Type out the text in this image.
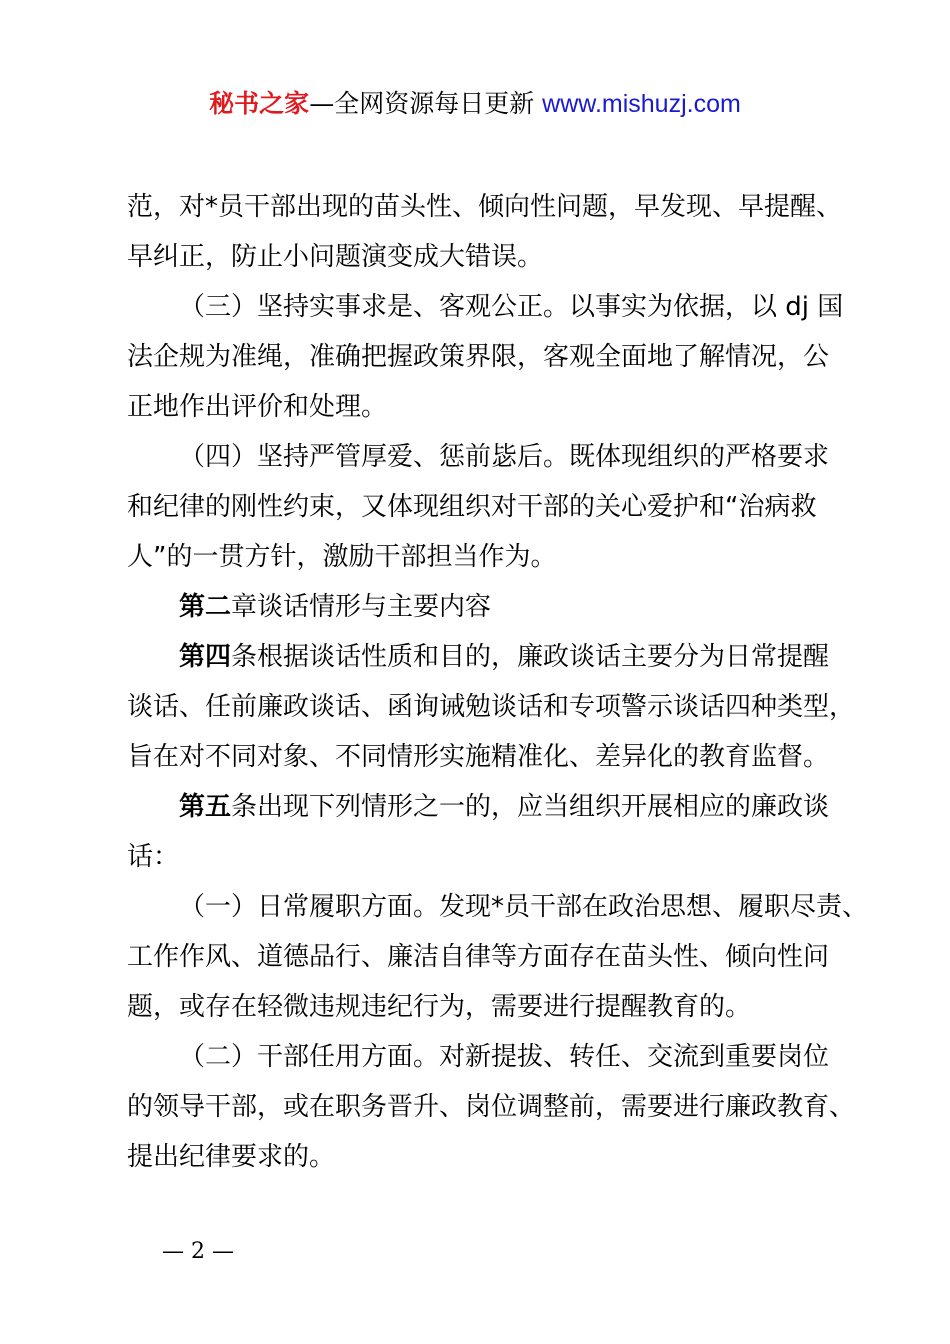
秘书之家—全网资源每日更新 www.mishuzj.com
范，对*员干部出现的苗头性、倾向性问题，早发现、早提醒、
早纠正，防止小问题演变成大错误。
（三）坚持实事求是、客观公正。以事实为依据，以 dj 国
法企规为准绳，准确把握政策界限，客观全面地了解情况，公
正地作出评价和处理。
（四）坚持严管厚爱、惩前毖后。既体现组织的严格要求
和纪律的刚性约束，又体现组织对干部的关心爱护和“治病救
人”的一贯方针，激励干部担当作为。
第二章谈话情形与主要内容
第四条根据谈话性质和目的，廉政谈话主要分为日常提醒
谈话、任前廉政谈话、函询诫勉谈话和专项警示谈话四种类型，
旨在对不同对象、不同情形实施精准化、差异化的教育监督。
第五条出现下列情形之一的，应当组织开展相应的廉政谈
话：
（一）日常履职方面。发现*员干部在政治思想、履职尽责、
工作作风、道德品行、廉洁自律等方面存在苗头性、倾向性问
题，或存在轻微违规违纪行为，需要进行提醒教育的。
（二）干部任用方面。对新提拔、转任、交流到重要岗位
的领导干部，或在职务晋升、岗位调整前，需要进行廉政教育、
提出纪律要求的。
— 2 —
